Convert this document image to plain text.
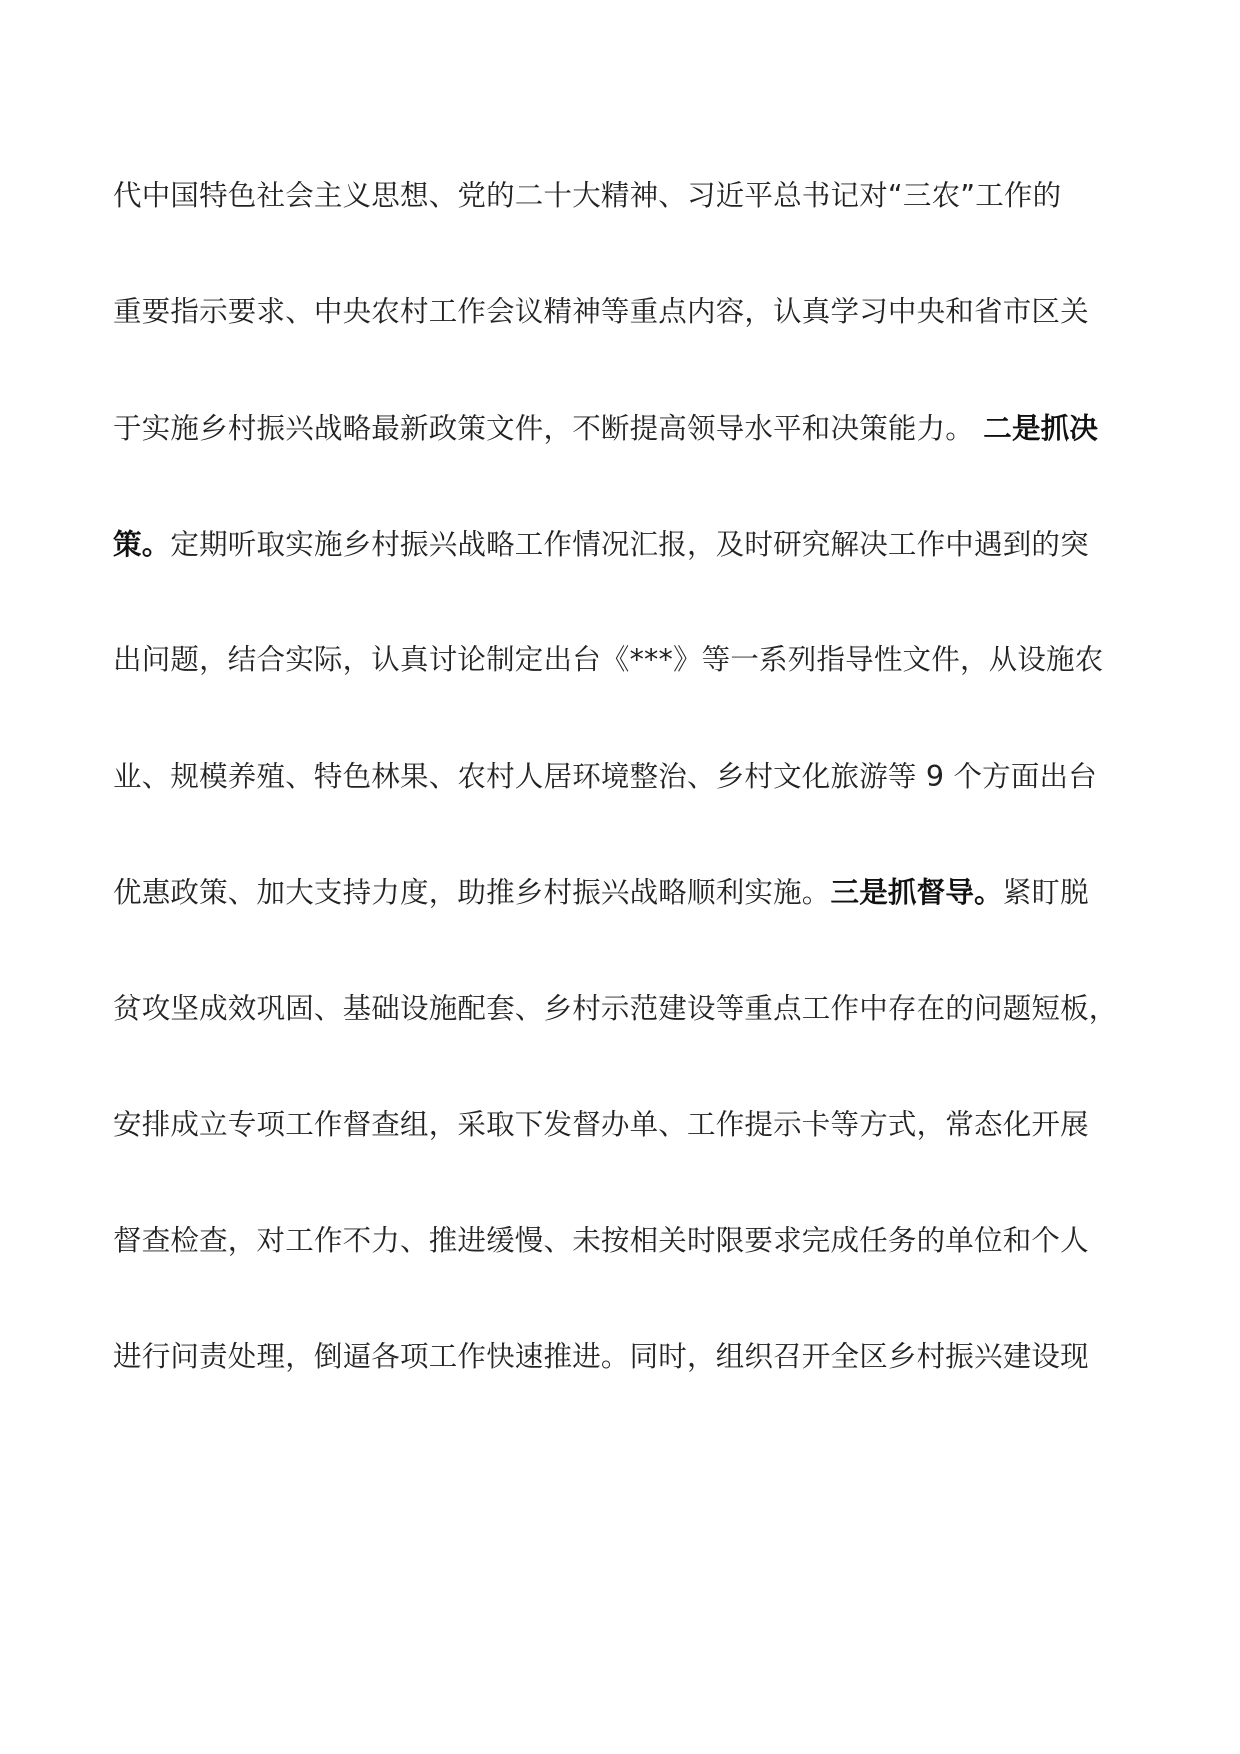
代中国特色社会主义思想、党的二十大精神、习近平总书记对“三农”工作的
重要指示要求、中央农村工作会议精神等重点内容，认真学习中央和省市区关
于实施乡村振兴战略最新政策文件，不断提高领导水平和决策能力。 二是抓决
策。定期听取实施乡村振兴战略工作情况汇报，及时研究解决工作中遇到的突
出问题，结合实际，认真讨论制定出台《***》等一系列指导性文件，从设施农
业、规模养殖、特色林果、农村人居环境整治、乡村文化旅游等 9 个方面出台
优惠政策、加大支持力度，助推乡村振兴战略顺利实施。三是抓督导。紧盯脱
贫攻坚成效巩固、基础设施配套、乡村示范建设等重点工作中存在的问题短板，
安排成立专项工作督查组，采取下发督办单、工作提示卡等方式，常态化开展
督查检查，对工作不力、推进缓慢、未按相关时限要求完成任务的单位和个人
进行问责处理，倒逼各项工作快速推进。同时，组织召开全区乡村振兴建设现
